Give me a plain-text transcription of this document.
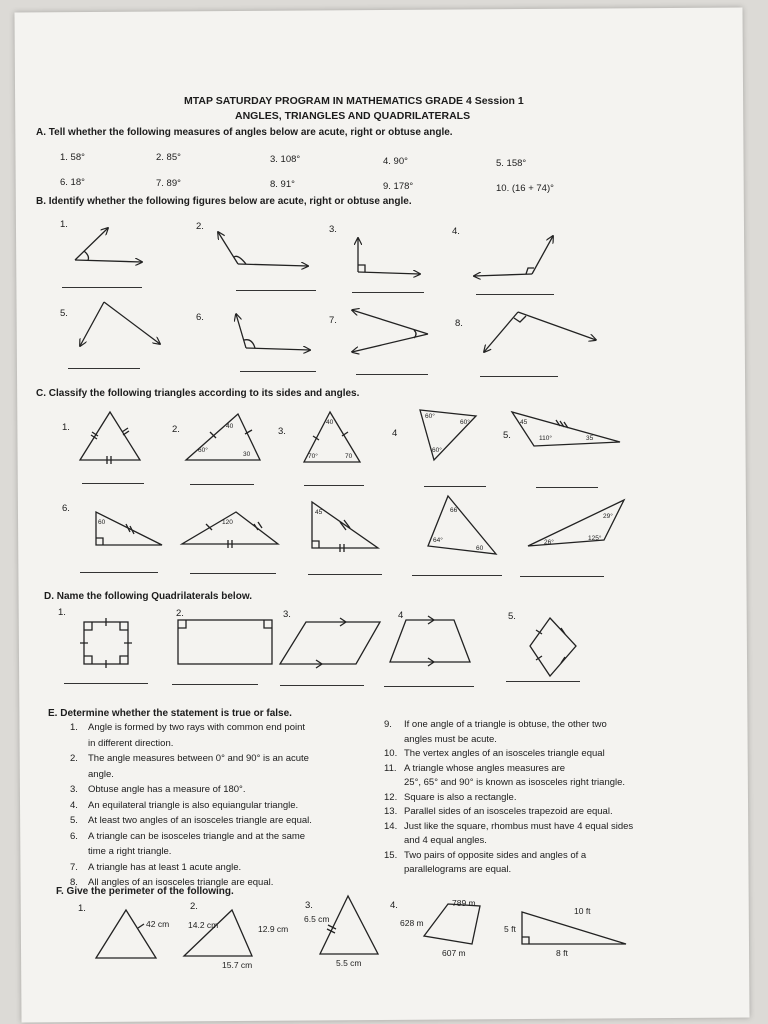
MTAP SATURDAY PROGRAM IN MATHEMATICS GRADE 4 Session 1
ANGLES, TRIANGLES AND QUADRILATERALS
A. Tell whether the following measures of angles below are acute, right or obtuse angle.
1. 58°	2. 85°	3. 108°	4. 90°	5. 158°
6. 18°	7. 89°	8. 91°	9. 178°	10. (16 + 74)°
B. Identify whether the following figures below are acute, right or obtuse angle.
1.	2.	3.	4.
5.	6.	7.	8.
C. Classify the following triangles according to its sides and angles.
1.	2.	3.	4	5.
6.
D. Name the following Quadrilaterals below.
1.	2.	3.	4	5.
E. Determine whether the statement is true or false.
1. Angle is formed by two rays with common end point
in different direction.
2. The angle measures between 0° and 90° is an acute
angle.
3. Obtuse angle has a measure of 180°.
4. An equilateral triangle is also equiangular triangle.
5. At least two angles of an isosceles triangle are equal.
6. A triangle can be isosceles triangle and at the same
time a right triangle.
7. A triangle has at least 1 acute angle.
8. All angles of an isosceles triangle are equal.
9. If one angle of a triangle is obtuse, the other two
angles must be acute.
10. The vertex angles of an isosceles triangle equal
11. A triangle whose angles measures are
25°, 65° and 90° is known as isosceles right triangle.
12. Square is also a rectangle.
13. Parallel sides of an isosceles trapezoid are equal.
14. Just like the square, rhombus must have 4 equal sides
and 4 equal angles.
15. Two pairs of opposite sides and angles of a
parallelograms are equal.
F. Give the perimeter of the following.
1.	2.	3.	4.
40
60°
30
40
70°	70
60°
60°
60°
45
110°	35
60	120
45	66
64°
60
29°
26°
125°
42 cm 14.2 cm	12.9 cm
15.7 cm
6.5 cm
5.5 cm
789 m
628 m
607 m
10 ft
5 ft
8 ft
